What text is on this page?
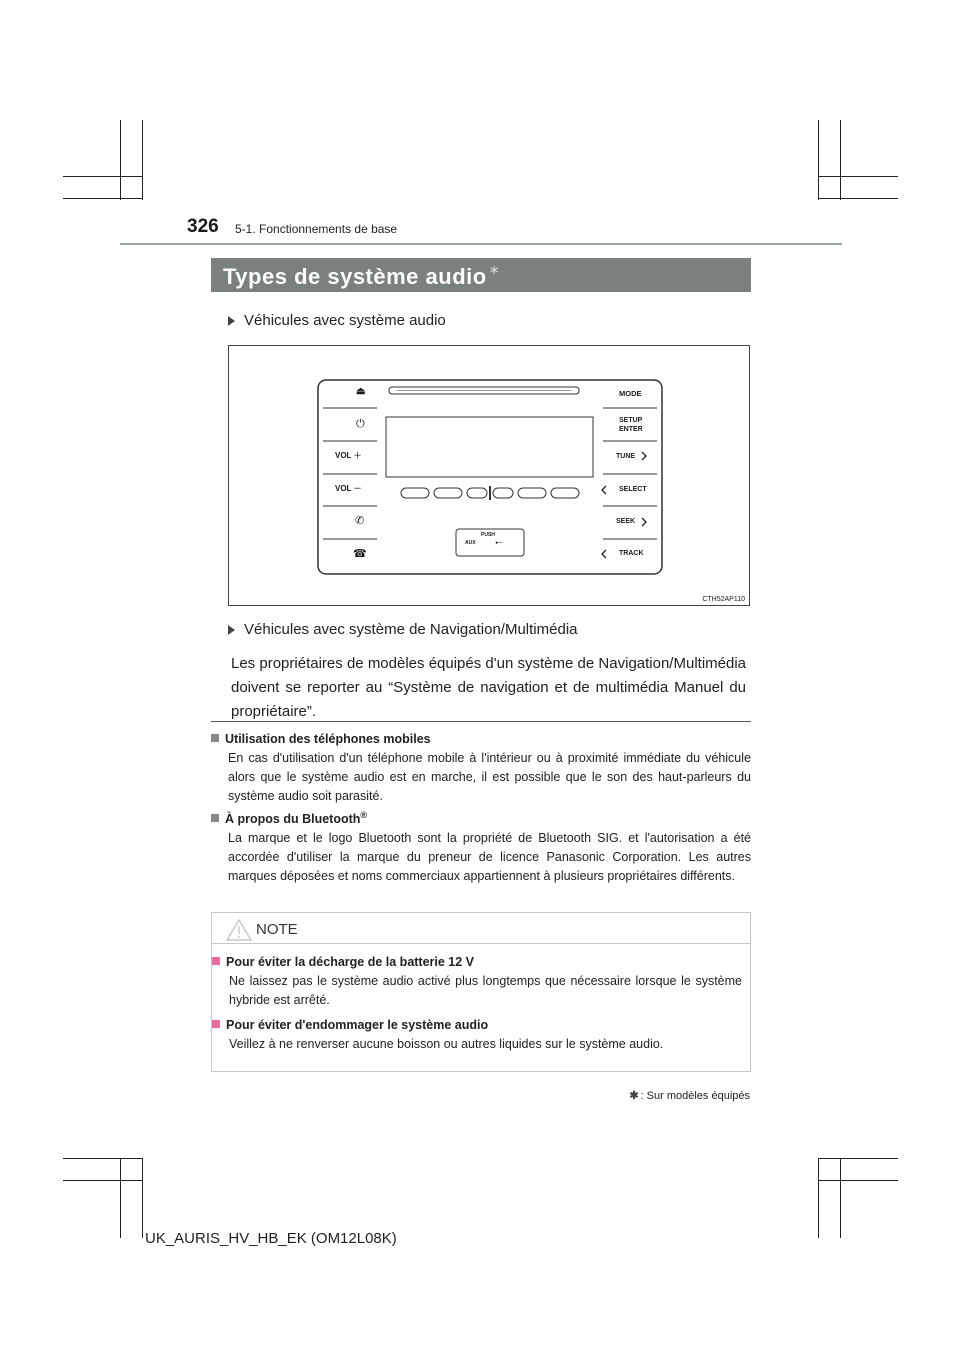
326 5-1. Fonctionnements de base
Types de système audio ∗
Véhicules avec système audio
⏏
⏻
VOL ＋
VOL －
✆
☎
MODE
SETUP
ENTER
TUNE
SELECT
SEEK
TRACK
PUSH
AUX ⭠
CTH52AP110
Véhicules avec système de Navigation/Multimédia
Les propriétaires de modèles équipés d'un système de Navigation/Multimédia doivent se reporter au “Système de navigation et de multimédia Manuel du propriétaire”.
Utilisation des téléphones mobiles
En cas d'utilisation d'un téléphone mobile à l'intérieur ou à proximité immédiate du véhicule alors que le système audio est en marche, il est possible que le son des haut-parleurs du système audio soit parasité.
À propos du Bluetooth®
La marque et le logo Bluetooth sont la propriété de Bluetooth SIG. et l'autorisation a été accordée d'utiliser la marque du preneur de licence Panasonic Corporation. Les autres marques déposées et noms commerciaux appartiennent à plusieurs propriétaires différents.
NOTE
Pour éviter la décharge de la batterie 12 V
Ne laissez pas le système audio activé plus longtemps que nécessaire lorsque le système hybride est arrêté.
Pour éviter d'endommager le système audio
Veillez à ne renverser aucune boisson ou autres liquides sur le système audio.
✱ : Sur modèles équipés
UK_AURIS_HV_HB_EK (OM12L08K)
